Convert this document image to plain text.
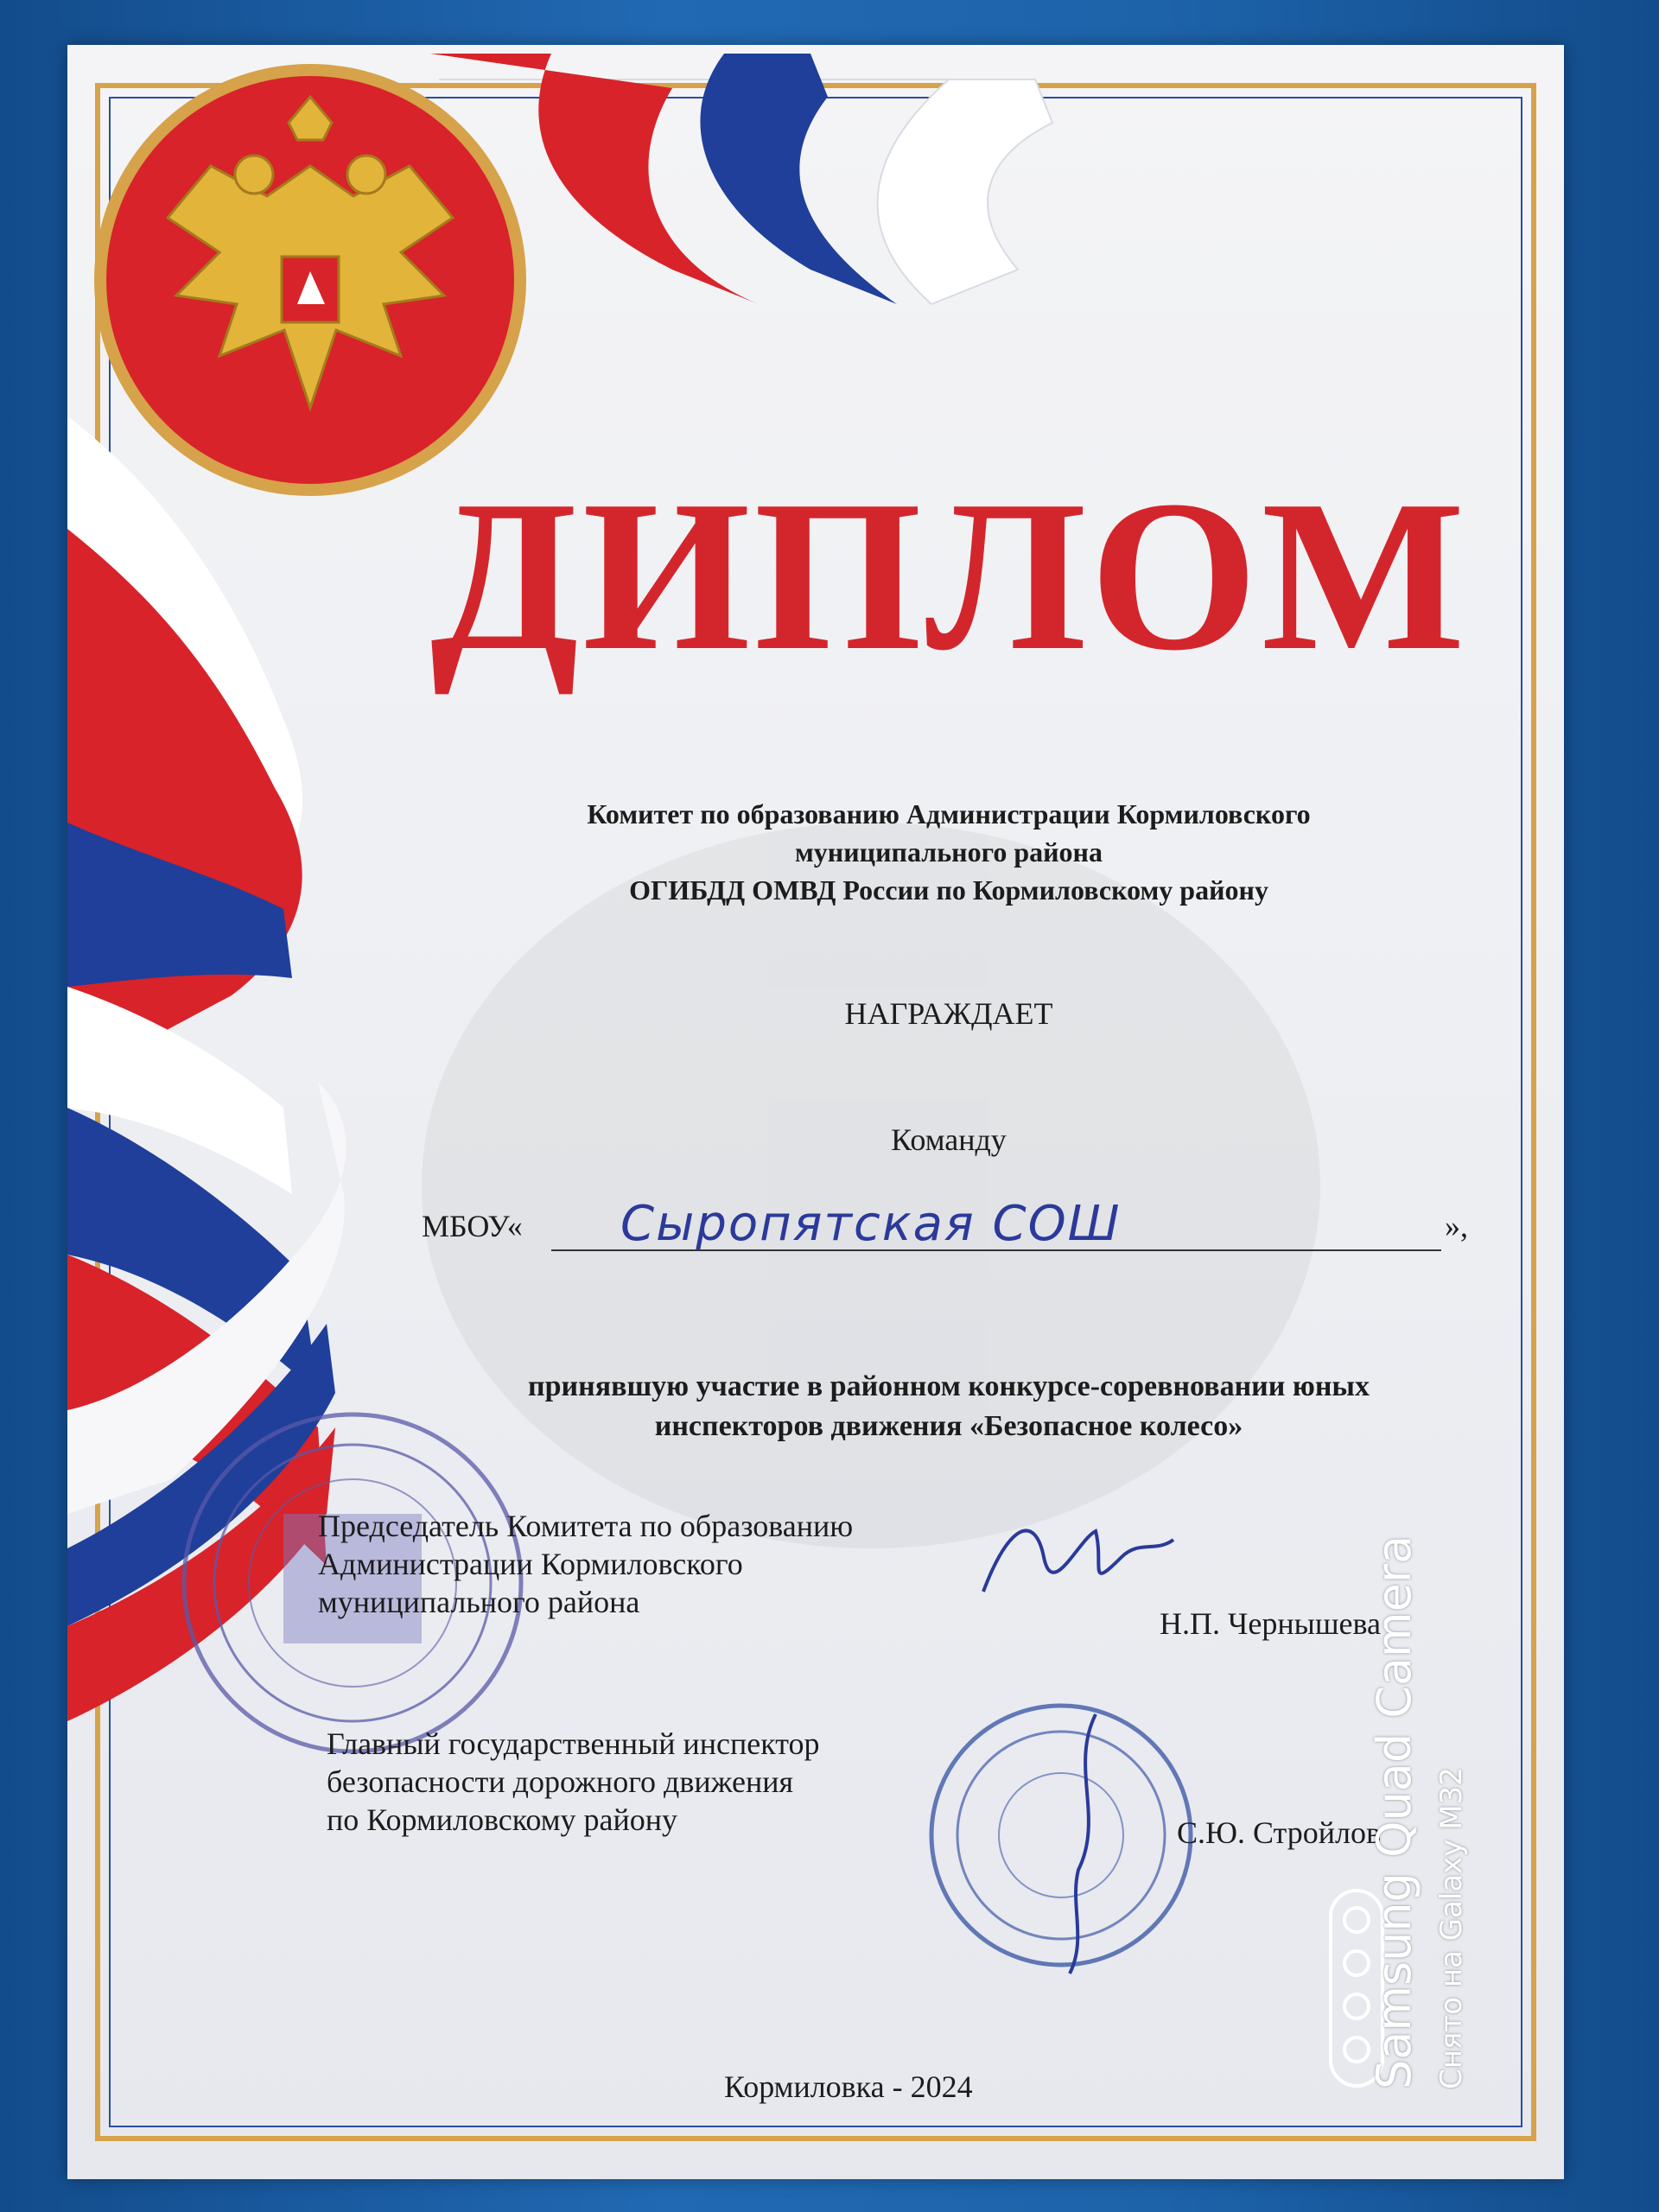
ДИПЛОМ
Комитет по образованию Администрации Кормиловского
муниципального района
ОГИБДД ОМВД России по Кормиловскому району
НАГРАЖДАЕТ
Команду
МБОУ« Сыропятская СОШ	»,
принявшую участие в районном конкурсе-соревновании юных
инспекторов движения «Безопасное колесо»
Председатель Комитета по образованию
Администрации Кормиловского
муниципального района
Н.П. Чернышева
Главный государственный инспектор
безопасности дорожного движения
по Кормиловскому району	С.Ю. Стройлов
Кормиловка - 2024	Samsung Quad Camera Снято на Galaxy M32
